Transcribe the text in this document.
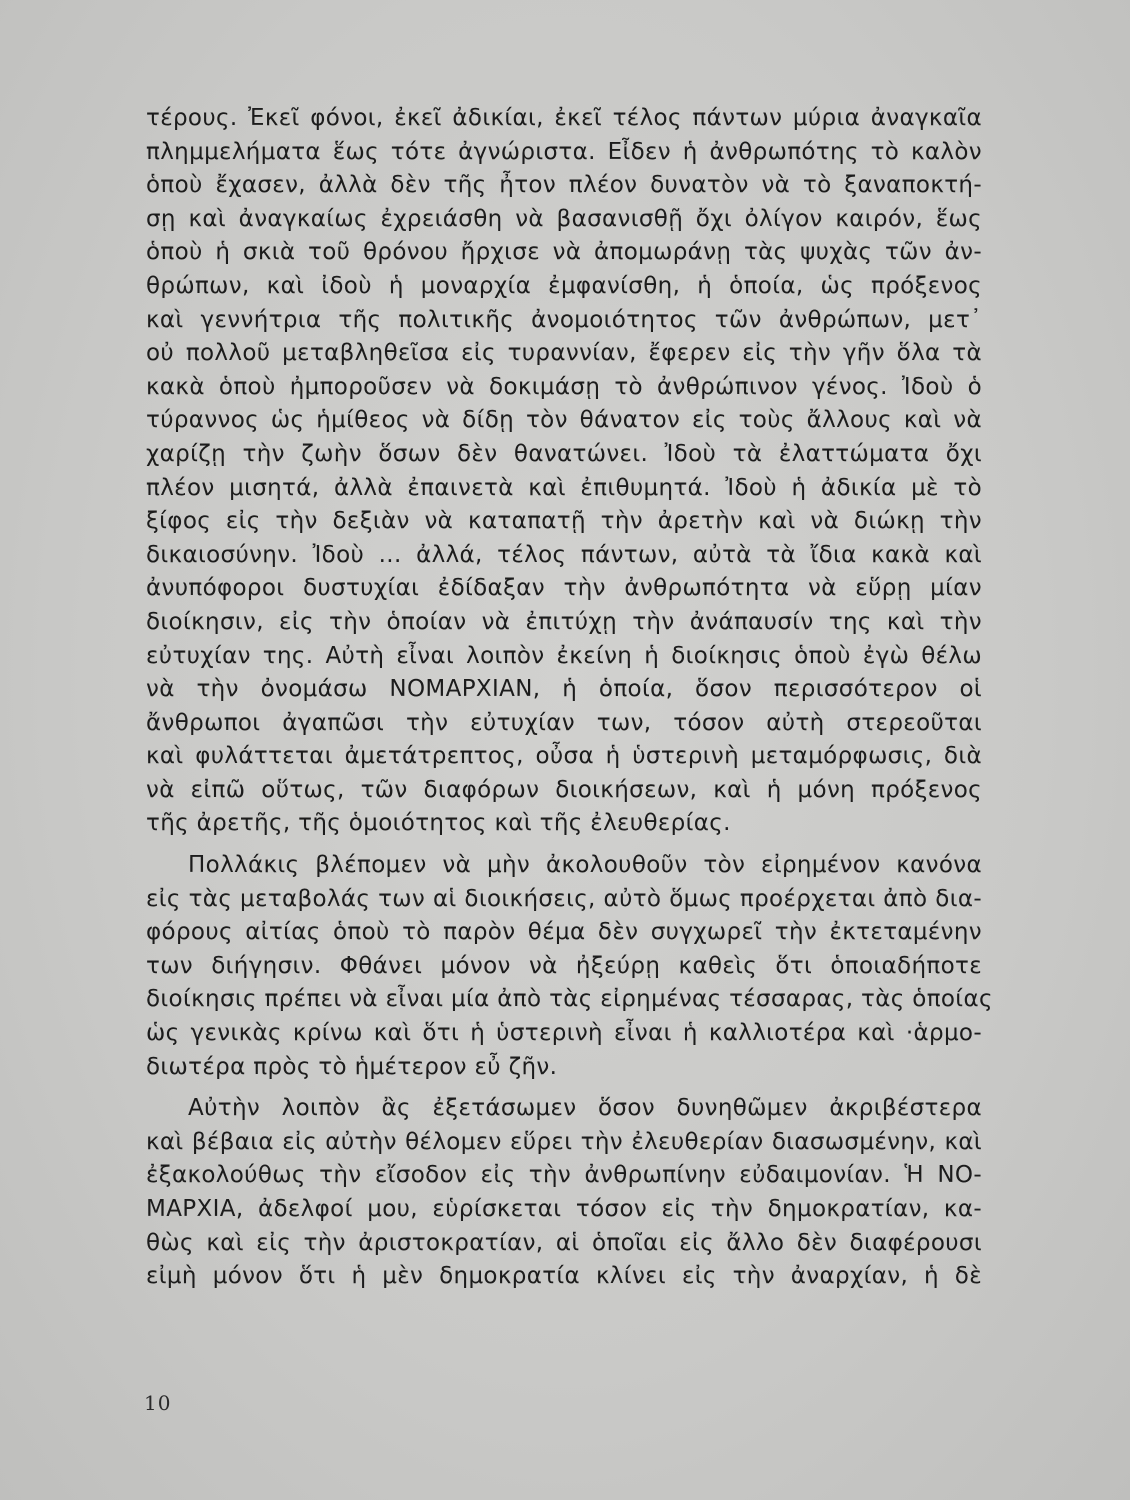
τέρους. Ἐκεῖ φόνοι, ἐκεῖ ἀδικίαι, ἐκεῖ τέλος πάντων μύρια ἀναγκαῖα
πλημμελήματα ἕως τότε ἀγνώριστα. Εἶδεν ἡ ἀνθρωπότης τὸ καλὸν
ὁποὺ ἔχασεν, ἀλλὰ δὲν τῆς ἦτον πλέον δυνατὸν νὰ τὸ ξαναποκτή-
σῃ καὶ ἀναγκαίως ἐχρειάσθη νὰ βασανισθῇ ὄχι ὀλίγον καιρόν, ἕως
ὁποὺ ἡ σκιὰ τοῦ θρόνου ἤρχισε νὰ ἀπομωράνῃ τὰς ψυχὰς τῶν ἀν-
θρώπων, καὶ ἰδοὺ ἡ μοναρχία ἐμφανίσθη, ἡ ὁποία, ὡς πρόξενος
καὶ γεννήτρια τῆς πολιτικῆς ἀνομοιότητος τῶν ἀνθρώπων, μετ᾽
οὐ πολλοῦ μεταβληθεῖσα εἰς τυραννίαν, ἔφερεν εἰς τὴν γῆν ὅλα τὰ
κακὰ ὁποὺ ἠμποροῦσεν νὰ δοκιμάσῃ τὸ ἀνθρώπινον γένος. Ἰδοὺ ὁ
τύραννος ὡς ἡμίθεος νὰ δίδῃ τὸν θάνατον εἰς τοὺς ἄλλους καὶ νὰ
χαρίζῃ τὴν ζωὴν ὅσων δὲν θανατώνει. Ἰδοὺ τὰ ἐλαττώματα ὄχι
πλέον μισητά, ἀλλὰ ἐπαινετὰ καὶ ἐπιθυμητά. Ἰδοὺ ἡ ἀδικία μὲ τὸ
ξίφος εἰς τὴν δεξιὰν νὰ καταπατῇ τὴν ἀρετὴν καὶ νὰ διώκῃ τὴν
δικαιοσύνην. Ἰδοὺ ... ἀλλά, τέλος πάντων, αὐτὰ τὰ ἴδια κακὰ καὶ
ἀνυπόφοροι δυστυχίαι ἐδίδαξαν τὴν ἀνθρωπότητα νὰ εὕρῃ μίαν
διοίκησιν, εἰς τὴν ὁποίαν νὰ ἐπιτύχῃ τὴν ἀνάπαυσίν της καὶ τὴν
εὐτυχίαν της. Αὐτὴ εἶναι λοιπὸν ἐκείνη ἡ διοίκησις ὁποὺ ἐγὼ θέλω
νὰ τὴν ὀνομάσω ΝΟΜΑΡΧΙΑΝ, ἡ ὁποία, ὅσον περισσότερον οἱ
ἄνθρωποι ἀγαπῶσι τὴν εὐτυχίαν των, τόσον αὐτὴ στερεοῦται
καὶ φυλάττεται ἀμετάτρεπτος, οὖσα ἡ ὑστερινὴ μεταμόρφωσις, διὰ
νὰ εἰπῶ οὕτως, τῶν διαφόρων διοικήσεων, καὶ ἡ μόνη πρόξενος
τῆς ἀρετῆς, τῆς ὁμοιότητος καὶ τῆς ἐλευθερίας.
Πολλάκις βλέπομεν νὰ μὴν ἀκολουθοῦν τὸν εἰρημένον κανόνα
εἰς τὰς μεταβολάς των αἱ διοικήσεις, αὐτὸ ὅμως προέρχεται ἀπὸ δια-
φόρους αἰτίας ὁποὺ τὸ παρὸν θέμα δὲν συγχωρεῖ τὴν ἐκτεταμένην
των διήγησιν. Φθάνει μόνον νὰ ἠξεύρῃ καθεὶς ὅτι ὁποιαδήποτε
διοίκησις πρέπει νὰ εἶναι μία ἀπὸ τὰς εἰρημένας τέσσαρας, τὰς ὁποίας
ὡς γενικὰς κρίνω καὶ ὅτι ἡ ὑστερινὴ εἶναι ἡ καλλιοτέρα καὶ ·ἁρμο-
διωτέρα πρὸς τὸ ἡμέτερον εὖ ζῆν.
Αὐτὴν λοιπὸν ἂς ἐξετάσωμεν ὅσον δυνηθῶμεν ἀκριβέστερα
καὶ βέβαια εἰς αὐτὴν θέλομεν εὕρει τὴν ἐλευθερίαν διασωσμένην, καὶ
ἐξακολούθως τὴν εἴσοδον εἰς τὴν ἀνθρωπίνην εὐδαιμονίαν. Ἡ ΝΟ-
ΜΑΡΧΙΑ, ἀδελφοί μου, εὑρίσκεται τόσον εἰς τὴν δημοκρατίαν, κα-
θὼς καὶ εἰς τὴν ἀριστοκρατίαν, αἱ ὁποῖαι εἰς ἄλλο δὲν διαφέρουσι
εἰμὴ μόνον ὅτι ἡ μὲν δημοκρατία κλίνει εἰς τὴν ἀναρχίαν, ἡ δὲ
10
